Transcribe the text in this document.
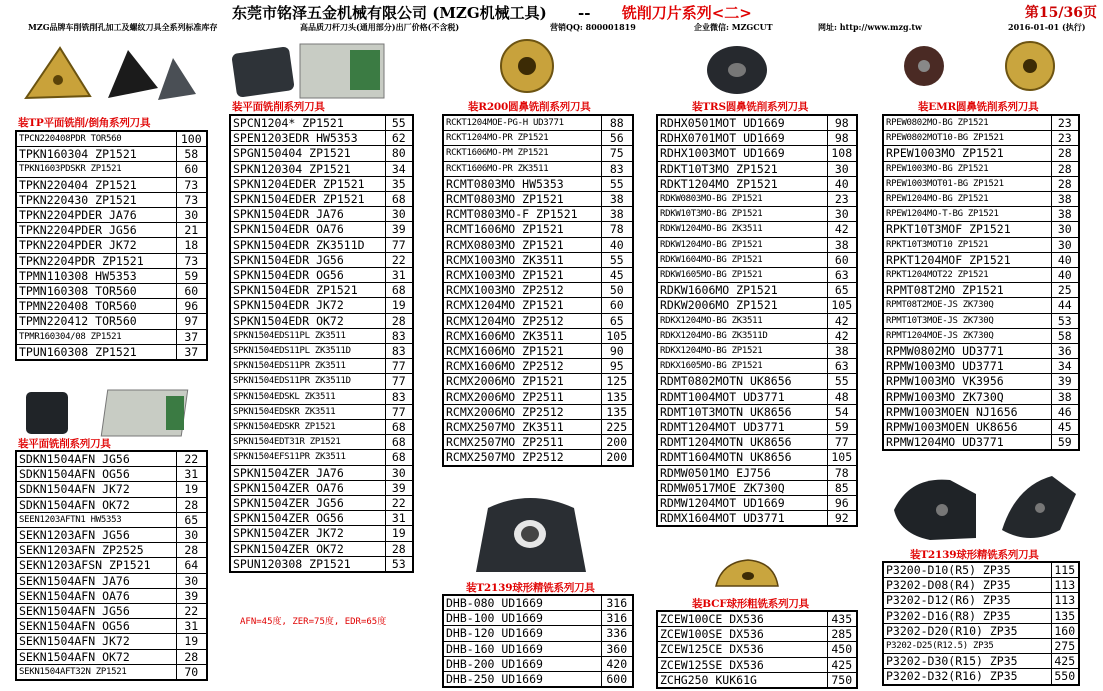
东莞市铭泽五金机械有限公司 (MZG机械工具) -- 铣削刀片系列<二>	第15/36页
MZG品牌车削铣削孔加工及螺纹刀具全系列标准库存	高品质刀杆刀头(通用部分)出厂价格(不含税)	营销QQ: 800001819	企业微信: MZGCUT	网址: http://www.mzg.tw	2016-01-01 (执行)
装TP平面铣削/倒角系列刀具
装平面铣削系列刀具	装R200圆鼻铣削系列刀具	装TRS圆鼻铣削系列刀具	装EMR圆鼻铣削系列刀具
装平面铣削系列刀具
装T2139球形精铣系列刀具
装BCF球形粗铣系列刀具
装T2139球形精铣系列刀具
AFN=45度, ZER=75度, EDR=65度
TPCN220408PDR TOR560	100
TPKN160304 ZP1521	58
TPKN1603PDSKR ZP1521	60
TPKN220404 ZP1521	73
TPKN220430 ZP1521	73
TPKN2204PDER JA76	30
TPKN2204PDER JG56	21
TPKN2204PDER JK72	18
TPKN2204PDR ZP1521	73
TPMN110308 HW5353	59
TPMN160308 TOR560	60
TPMN220408 TOR560	96
TPMN220412 TOR560	97
TPMR160304/08 ZP1521	37
TPUN160308 ZP1521	37
SDKN1504AFN JG56	22
SDKN1504AFN OG56	31
SDKN1504AFN JK72	19
SDKN1504AFN OK72	28
SEEN1203AFTN1 HW5353	65
SEKN1203AFN JG56	30
SEKN1203AFN ZP2525	28
SEKN1203AFSN ZP1521	64
SEKN1504AFN JA76	30
SEKN1504AFN OA76	39
SEKN1504AFN JG56	22
SEKN1504AFN OG56	31
SEKN1504AFN JK72	19
SEKN1504AFN OK72	28
SEKN1504AFT32N ZP1521	70
SPCN1204* ZP1521	55
SPEN1203EDR HW5353	62
SPGN150404 ZP1521	80
SPKN120304 ZP1521	34
SPKN1204EDER ZP1521	35
SPKN1504EDER ZP1521	68
SPKN1504EDR JA76	30
SPKN1504EDR OA76	39
SPKN1504EDR ZK3511D	77
SPKN1504EDR JG56	22
SPKN1504EDR OG56	31
SPKN1504EDR ZP1521	68
SPKN1504EDR JK72	19
SPKN1504EDR OK72	28
SPKN1504EDS11PL ZK3511	83
SPKN1504EDS11PL ZK3511D	83
SPKN1504EDS11PR ZK3511	77
SPKN1504EDS11PR ZK3511D	77
SPKN1504EDSKL ZK3511	83
SPKN1504EDSKR ZK3511	77
SPKN1504EDSKR ZP1521	68
SPKN1504EDT31R ZP1521	68
SPKN1504EFS11PR ZK3511	68
SPKN1504ZER JA76	30
SPKN1504ZER OA76	39
SPKN1504ZER JG56	22
SPKN1504ZER OG56	31
SPKN1504ZER JK72	19
SPKN1504ZER OK72	28
SPUN120308 ZP1521	53
RCKT1204MOE-PG-H UD3771	88
RCKT1204MO-PR ZP1521	56
RCKT1606MO-PM ZP1521	75
RCKT1606MO-PR ZK3511	83
RCMT0803MO HW5353	55
RCMT0803MO ZP1521	38
RCMT0803MO-F ZP1521	38
RCMT1606MO ZP1521	78
RCMX0803MO ZP1521	40
RCMX1003MO ZK3511	55
RCMX1003MO ZP1521	45
RCMX1003MO ZP2512	50
RCMX1204MO ZP1521	60
RCMX1204MO ZP2512	65
RCMX1606MO ZK3511	105
RCMX1606MO ZP1521	90
RCMX1606MO ZP2512	95
RCMX2006MO ZP1521	125
RCMX2006MO ZP2511	135
RCMX2006MO ZP2512	135
RCMX2507MO ZK3511	225
RCMX2507MO ZP2511	200
RCMX2507MO ZP2512	200
DHB-080 UD1669	316
DHB-100 UD1669	316
DHB-120 UD1669	336
DHB-160 UD1669	360
DHB-200 UD1669	420
DHB-250 UD1669	600
RDHX0501MOT UD1669	98
RDHX0701MOT UD1669	98
RDHX1003MOT UD1669	108
RDKT10T3MO ZP1521	30
RDKT1204MO ZP1521	40
RDKW0803MO-BG ZP1521	23
RDKW10T3MO-BG ZP1521	30
RDKW1204MO-BG ZK3511	42
RDKW1204MO-BG ZP1521	38
RDKW1604MO-BG ZP1521	60
RDKW1605MO-BG ZP1521	63
RDKW1606MO ZP1521	65
RDKW2006MO ZP1521	105
RDKX1204MO-BG ZK3511	42
RDKX1204MO-BG ZK3511D	42
RDKX1204MO-BG ZP1521	38
RDKX1605MO-BG ZP1521	63
RDMT0802MOTN UK8656	55
RDMT1004MOT UD3771	48
RDMT10T3MOTN UK8656	54
RDMT1204MOT UD3771	59
RDMT1204MOTN UK8656	77
RDMT1604MOTN UK8656	105
RDMW0501MO EJ756	78
RDMW0517MOE ZK730Q	85
RDMW1204MOT UD1669	96
RDMX1604MOT UD3771	92
ZCEW100CE DX536	435
ZCEW100SE DX536	285
ZCEW125CE DX536	450
ZCEW125SE DX536	425
ZCHG250 KUK61G	750
RPEW0802MO-BG ZP1521	23
RPEW0802MOT10-BG ZP1521	23
RPEW1003MO ZP1521	28
RPEW1003MO-BG ZP1521	28
RPEW1003MOT01-BG ZP1521	28
RPEW1204MO-BG ZP1521	38
RPEW1204MO-T-BG ZP1521	38
RPKT10T3MOF ZP1521	30
RPKT10T3MOT10 ZP1521	30
RPKT1204MOF ZP1521	40
RPKT1204MOT22 ZP1521	40
RPMT08T2MO ZP1521	25
RPMT08T2MOE-JS ZK730Q	44
RPMT10T3MOE-JS ZK730Q	53
RPMT1204MOE-JS ZK730Q	58
RPMW0802MO UD3771	36
RPMW1003MO UD3771	34
RPMW1003MO VK3956	39
RPMW1003MO ZK730Q	38
RPMW1003MOEN NJ1656	46
RPMW1003MOEN UK8656	45
RPMW1204MO UD3771	59
P3200-D10(R5) ZP35	115
P3202-D08(R4) ZP35	113
P3202-D12(R6) ZP35	113
P3202-D16(R8) ZP35	135
P3202-D20(R10) ZP35	160
P3202-D25(R12.5) ZP35	275
P3202-D30(R15) ZP35	425
P3202-D32(R16) ZP35	550
